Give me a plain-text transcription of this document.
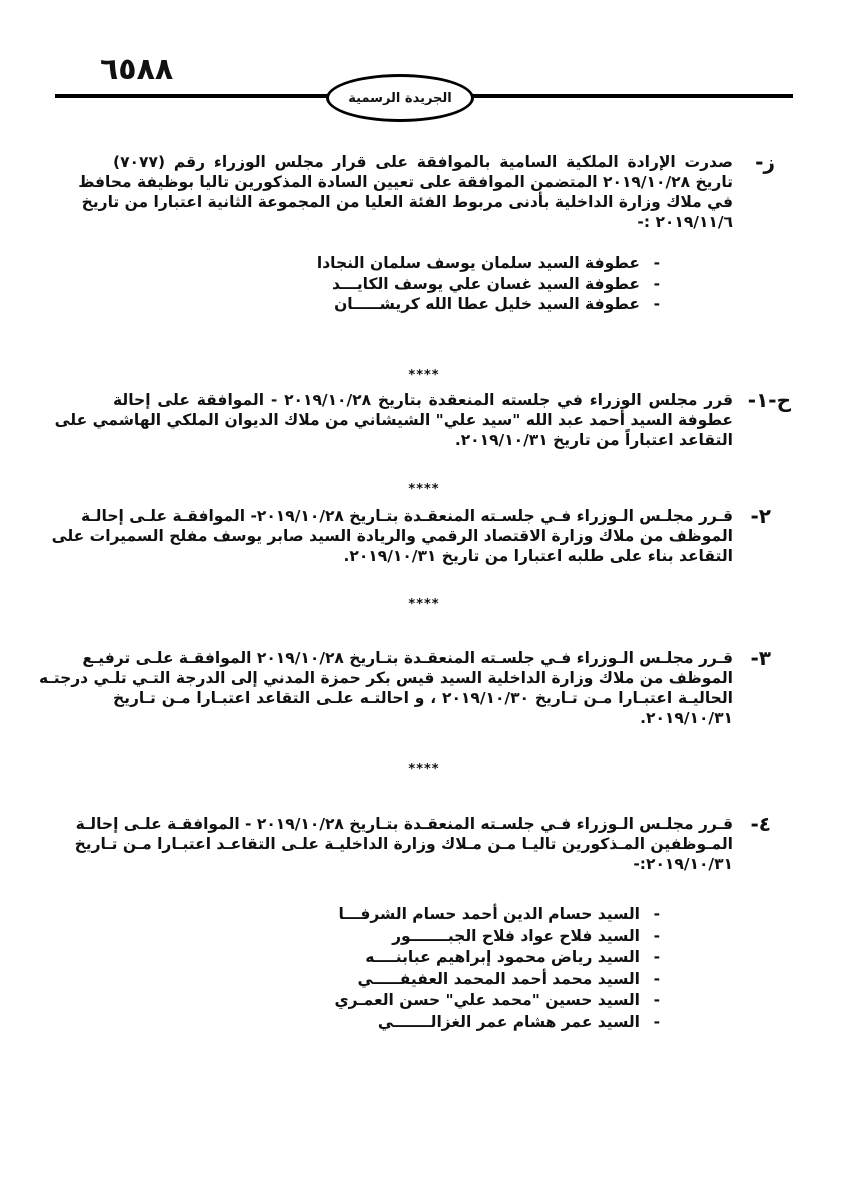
٦٥٨٨
الجريدة الرسمية
ز-
صدرت الإرادة الملكية السامية بالموافقة على قرار مجلس الوزراء رقم (٧٠٧٧)
تاريخ ٢٠١٩/١٠/٢٨ المتضمن الموافقة على تعيين السادة المذكورين تاليا بوظيفة محافظ
في ملاك وزارة الداخلية بأدنى مربوط الفئة العليا من المجموعة الثانية اعتبارا من تاريخ
٢٠١٩/١١/٦ :-
-عطوفة السيد سلمان يوسف سلمان النجادا
-عطوفة السيد غسان علي يوسف الكايـــد
-عطوفة السيد خليل عطا الله كريشـــــان
****
ح-١-
قرر مجلس الوزراء في جلسته المنعقدة بتاريخ ٢٠١٩/١٠/٢٨ - الموافقة على إحالة
عطوفة السيد أحمد عبد الله "سيد علي" الشيشاني من ملاك الديوان الملكي الهاشمي على
التقاعد اعتباراً من تاريخ ٢٠١٩/١٠/٣١.
****
٢-
قـرر مجلـس الـوزراء فـي جلسـته المنعقـدة بتـاريخ ٢٠١٩/١٠/٢٨- الموافقـة علـى إحالـة
الموظف من ملاك وزارة الاقتصاد الرقمي والريادة السيد صابر يوسف مفلح السميرات على
التقاعد بناء على طلبه اعتبارا من تاريخ ٢٠١٩/١٠/٣١.
****
٣-
قـرر مجلـس الـوزراء فـي جلسـته المنعقـدة بتـاريخ ٢٠١٩/١٠/٢٨ الموافقـة علـى ترفيـع
الموظف من ملاك وزارة الداخلية السيد قيس بكر حمزة المدني إلى الدرجة التـي تلـي درجتـه
الحاليـة اعتبـارا مـن تـاريخ ٢٠١٩/١٠/٣٠ ، و احالتـه علـى التقاعد اعتبـارا مـن تـاريخ
٢٠١٩/١٠/٣١.
****
٤-
قـرر مجلـس الـوزراء فـي جلسـته المنعقـدة بتـاريخ ٢٠١٩/١٠/٢٨ - الموافقـة علـى إحالـة
المـوظفين المـذكورين تاليـا مـن مـلاك وزارة الداخليـة علـى التقاعـد اعتبـارا مـن تـاريخ
٢٠١٩/١٠/٣١:-
-السيد حسام الدين أحمد حسام الشرفـــا
-السيد فلاح عواد فلاح الجبـــــــور
-السيد رياض محمود إبراهيم عبابنــــه
-السيد محمد أحمد المحمد العفيفـــــي
-السيد حسين "محمد علي" حسن العمـري
-السيد عمر هشام عمر الغزالـــــــي
